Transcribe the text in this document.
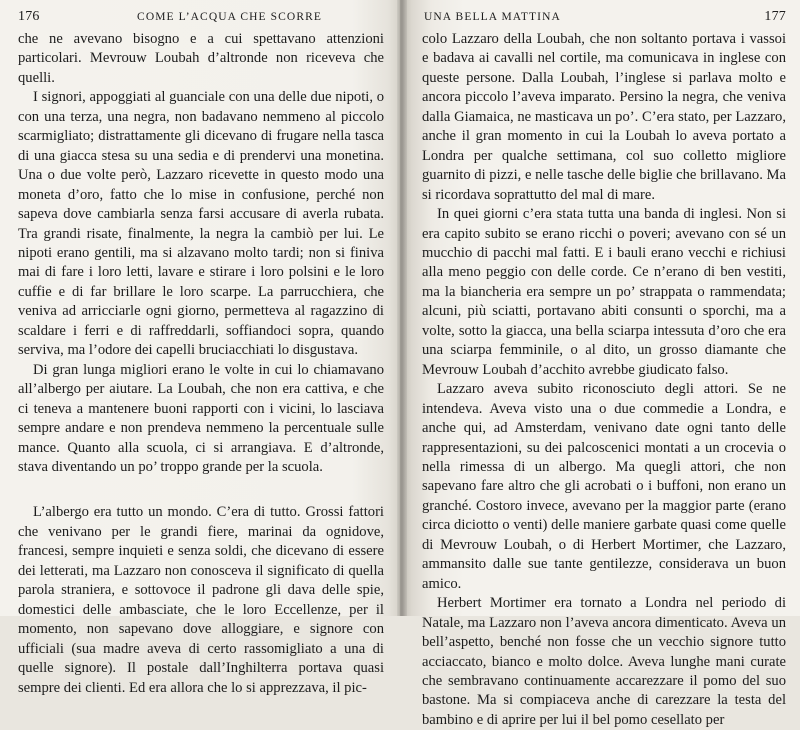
176	COME L’ACQUA CHE SCORRE

che ne avevano bisogno e a cui spettavano attenzioni particolari. Mevrouw Loubah d’altronde non riceveva che quelli.

I signori, appoggiati al guanciale con una delle due nipoti, o con una terza, una negra, non badavano nemmeno al piccolo scarmigliato; distrattamente gli dicevano di frugare nella tasca di una giacca stesa su una sedia e di prendervi una monetina. Una o due volte però, Lazzaro ricevette in questo modo una moneta d’oro, fatto che lo mise in confusione, perché non sapeva dove cambiarla senza farsi accusare di averla rubata. Tra grandi risate, finalmente, la negra la cambiò per lui. Le nipoti erano gentili, ma si alzavano molto tardi; non si finiva mai di fare i loro letti, lavare e stirare i loro polsini e le loro cuffie e di far brillare le loro scarpe. La parrucchiera, che veniva ad arricciarle ogni giorno, permetteva al ragazzino di scaldare i ferri e di raffreddarli, soffiandoci sopra, quando serviva, ma l’odore dei capelli bruciacchiati lo disgustava.

Di gran lunga migliori erano le volte in cui lo chiamavano all’albergo per aiutare. La Loubah, che non era cattiva, e che ci teneva a mantenere buoni rapporti con i vicini, lo lasciava sempre andare e non prendeva nemmeno la percentuale sulle mance. Quanto alla scuola, ci si arrangiava. E d’altronde, stava diventando un po’ troppo grande per la scuola.

L’albergo era tutto un mondo. C’era di tutto. Grossi fattori che venivano per le grandi fiere, marinai da ognidove, francesi, sempre inquieti e senza soldi, che dicevano di essere dei letterati, ma Lazzaro non conosceva il significato di quella parola straniera, e sottovoce il padrone gli dava delle spie, domestici delle ambasciate, che le loro Eccellenze, per il momento, non sapevano dove alloggiare, e signore con ufficiali (sua madre aveva di certo rassomigliato a una di quelle signore). Il postale dall’Inghilterra portava quasi sempre dei clienti. Ed era allora che lo si apprezzava, il pic-

UNA BELLA MATTINA	177

colo Lazzaro della Loubah, che non soltanto portava i vassoi e badava ai cavalli nel cortile, ma comunicava in inglese con queste persone. Dalla Loubah, l’inglese si parlava molto e ancora piccolo l’aveva imparato. Persino la negra, che veniva dalla Giamaica, ne masticava un po’. C’era stato, per Lazzaro, anche il gran momento in cui la Loubah lo aveva portato a Londra per qualche settimana, col suo colletto migliore guarnito di pizzi, e nelle tasche delle biglie che brillavano. Ma si ricordava soprattutto del mal di mare.

In quei giorni c’era stata tutta una banda di inglesi. Non si era capito subito se erano ricchi o poveri; avevano con sé un mucchio di pacchi mal fatti. E i bauli erano vecchi e richiusi alla meno peggio con delle corde. Ce n’erano di ben vestiti, ma la biancheria era sempre un po’ strappata o rammendata; alcuni, più sciatti, portavano abiti consunti o sporchi, ma a volte, sotto la giacca, una bella sciarpa intessuta d’oro che era una sciarpa femminile, o al dito, un grosso diamante che Mevrouw Loubah d’acchito avrebbe giudicato falso.

Lazzaro aveva subito riconosciuto degli attori. Se ne intendeva. Aveva visto una o due commedie a Londra, e anche qui, ad Amsterdam, venivano date ogni tanto delle rappresentazioni, su dei palcoscenici montati a un crocevia o nella rimessa di un albergo. Ma quegli attori, che non sapevano fare altro che gli acrobati o i buffoni, non erano un granché. Costoro invece, avevano per la maggior parte (erano circa diciotto o venti) delle maniere garbate quasi come quelle di Mevrouw Loubah, o di Herbert Mortimer, che Lazzaro, ammansito dalle sue tante gentilezze, considerava un buon amico.

Herbert Mortimer era tornato a Londra nel periodo di Natale, ma Lazzaro non l’aveva ancora dimenticato. Aveva un bell’aspetto, benché non fosse che un vecchio signore tutto acciaccato, bianco e molto dolce. Aveva lunghe mani curate che sembravano continuamente accarezzare il pomo del suo bastone. Ma si compiaceva anche di carezzare la testa del bambino e di aprire per lui il bel pomo cesellato per
